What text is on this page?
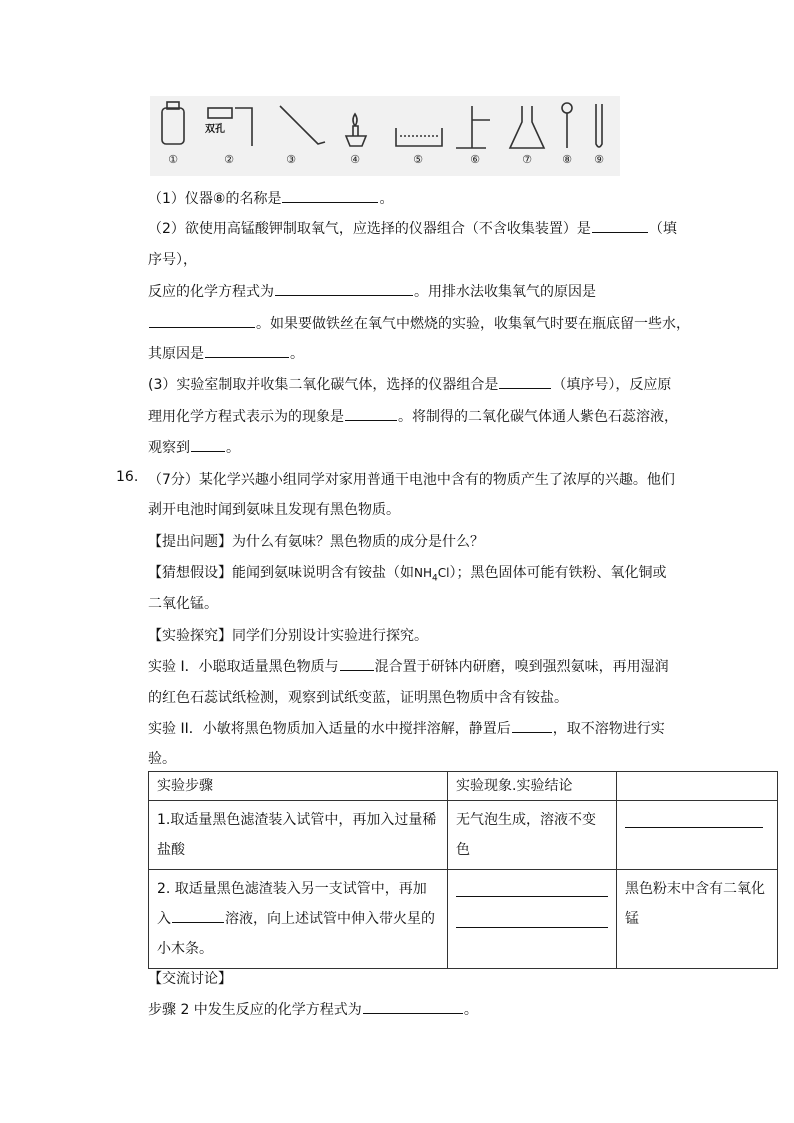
①
双孔
②	③	④	⑤	⑥	⑦	⑧	⑨
（1）仪器⑧的名称是	。
（2）欲使用高锰酸钾制取氧气，应选择的仪器组合（不含收集装置）是	（填
序号），
反应的化学方程式为	。用排水法收集氧气的原因是
。如果要做铁丝在氧气中燃烧的实验，收集氧气时要在瓶底留一些水，
其原因是	。
(3）实验室制取并收集二氧化碳气体，选择的仪器组合是	（填序号），反应原
理用化学方程式表示为的现象是	。将制得的二氧化碳气体通人紫色石蕊溶液，
观察到	。
16. （7分）某化学兴趣小组同学对家用普通干电池中含有的物质产生了浓厚的兴趣。他们
剥开电池时闻到氨味且发现有黑色物质。
【提出问题】为什么有氨味？黑色物质的成分是什么？
【猜想假设】能闻到氨味说明含有铵盐（如$NH_4Cl$）；黑色固体可能有铁粉、氧化铜或
二氧化锰。
【实验探究】同学们分别设计实验进行探究。
实验 I．小聪取适量黑色物质与	混合置于研钵内研磨，嗅到强烈氨味，再用湿润
的红色石蕊试纸检测，观察到试纸变蓝，证明黑色物质中含有铵盐。
实验 II．小敏将黑色物质加入适量的水中搅拌溶解，静置后	，取不溶物进行实
验。
实验步骤	实验现象.实验结论	
1.取适量黑色滤渣装入试管中，再加入过量稀盐酸	无气泡生成，溶液不变色	

2. 取适量黑色滤渣装入另一支试管中，再加入 溶液，向上述试管中伸入带火星的小木条。		黑色粉末中含有二氧化锰
【交流讨论】
步骤 2 中发生反应的化学方程式为	。
